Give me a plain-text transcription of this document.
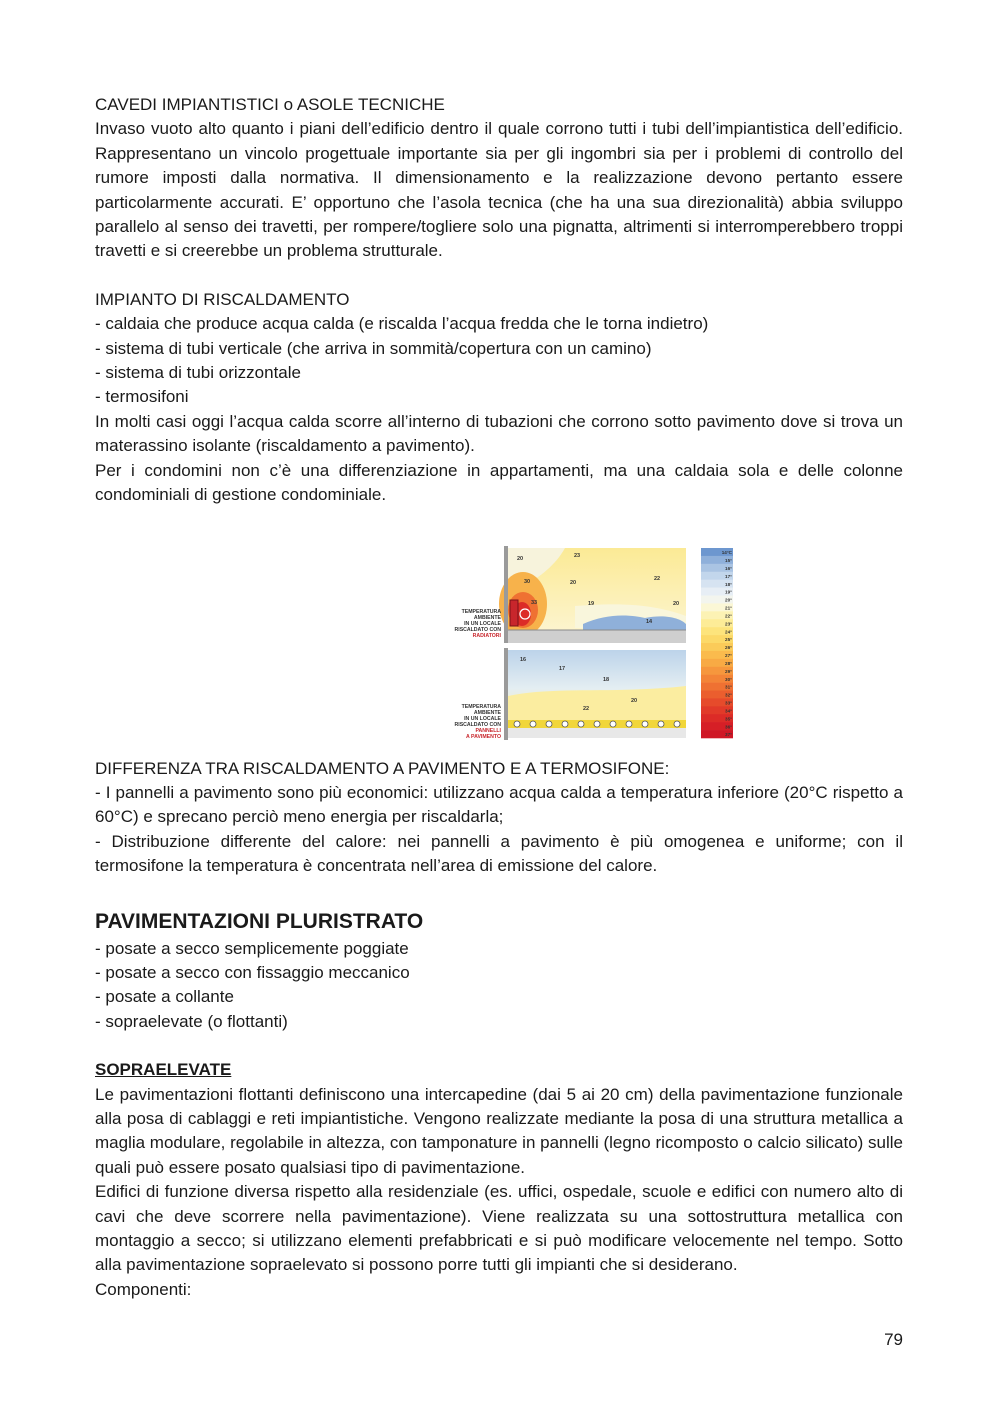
CAVEDI IMPIANTISTICI o ASOLE TECNICHE

Invaso vuoto alto quanto i piani dell’edificio dentro il quale corrono tutti i tubi dell’impiantistica dell’edificio. Rappresentano un vincolo progettuale importante sia per gli ingombri sia per i problemi di controllo del rumore imposti dalla normativa. Il dimensionamento e la realizzazione devono pertanto essere particolarmente accurati. E’ opportuno che l’asola tecnica (che ha una sua direzionalità) abbia sviluppo parallelo al senso dei travetti, per rompere/togliere solo una pignatta, altrimenti si interromperebbero troppi travetti e si creerebbe un problema strutturale.

IMPIANTO DI RISCALDAMENTO

- caldaia che produce acqua calda (e riscalda l’acqua fredda che le torna indietro)

- sistema di tubi verticale (che arriva in sommità/copertura con un camino)

- sistema di tubi orizzontale

- termosifoni

In molti casi oggi l’acqua calda scorre all’interno di tubazioni che corrono sotto pavimento dove si trova un materassino isolante (riscaldamento a pavimento).

Per i condomini non c’è una differenziazione in appartamenti, ma una caldaia sola e delle colonne condominiali di gestione condominiale.

TEMPERATURA
AMBIENTE
IN UN LOCALE
RISCALDATO CON
RADIATORI
TEMPERATURA
AMBIENTE
IN UN LOCALE
RISCALDATO CON
PANNELLI
A PAVIMENTO
20	23
30	20
22
33	19	20
14
16
17
18
20
22
14°C
15°
16°
17°
18°
19°
20°
21°
22°
23°
24°
25°
26°
27°
28°
29°
30°
31°
32°
33°
34°
35°
36°
37°

DIFFERENZA TRA RISCALDAMENTO A PAVIMENTO E A TERMOSIFONE:

- I pannelli a pavimento sono più economici: utilizzano acqua calda a temperatura inferiore (20°C rispetto a 60°C) e sprecano perciò meno energia per riscaldarla;

- Distribuzione differente del calore: nei pannelli a pavimento è più omogenea e uniforme; con il termosifone la temperatura è concentrata nell’area di emissione del calore.

PAVIMENTAZIONI PLURISTRATO

- posate a secco semplicemente poggiate

- posate a secco con fissaggio meccanico

- posate a collante

- sopraelevate (o flottanti)

SOPRAELEVATE

Le pavimentazioni flottanti definiscono una intercapedine (dai 5 ai 20 cm) della pavimentazione funzionale alla posa di cablaggi e reti impiantistiche. Vengono realizzate mediante la posa di una struttura metallica a maglia modulare, regolabile in altezza, con tamponature in pannelli (legno ricomposto o calcio silicato) sulle quali può essere posato qualsiasi tipo di pavimentazione.

Edifici di funzione diversa rispetto alla residenziale (es. uffici, ospedale, scuole e edifici con numero alto di cavi che deve scorrere nella pavimentazione). Viene realizzata su una sottostruttura metallica con montaggio a secco; si utilizzano elementi prefabbricati e si può modificare velocemente nel tempo. Sotto alla pavimentazione sopraelevato si possono porre tutti gli impianti che si desiderano.

Componenti:

79
